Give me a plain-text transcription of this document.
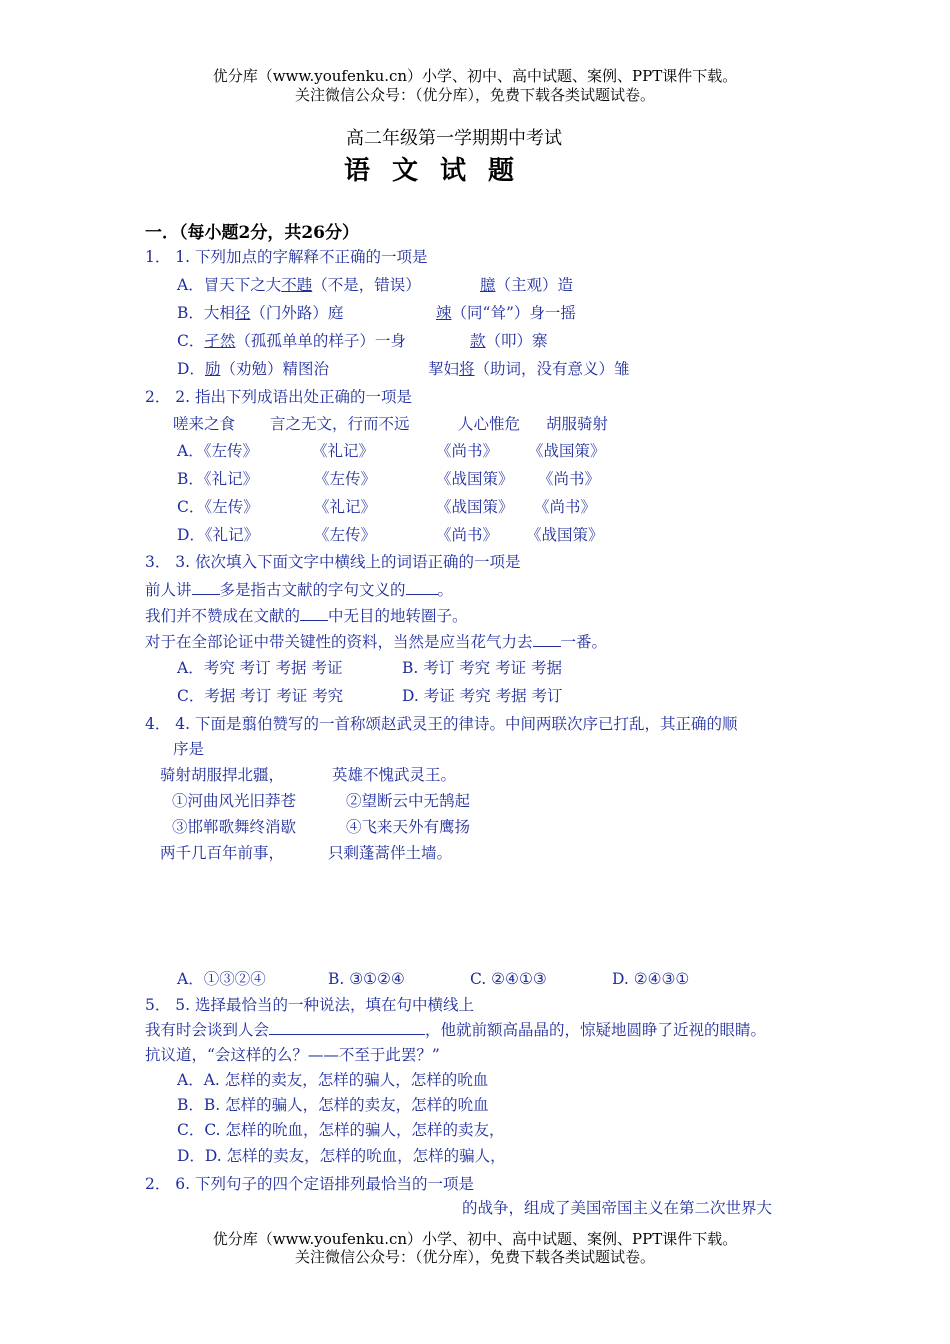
优分库（www.youfenku.cn）小学、初中、高中试题、案例、PPT课件下载。
关注微信公众号：（优分库），免费下载各类试题试卷。
高二年级第一学期期中考试
语文试题
一．（每小题2分，共26分）
1． 1. 下列加点的字解释不正确的一项是
A．冒天下之大不韪（不是，错误）	臆（主观）造
B．大相径（门外路）庭	竦（同“耸”）身一摇
C．孑然（孤孤单单的样子）一身	款（叩）寨
D．励（劝勉）精图治	挈妇将（助词，没有意义）雏
2． 2. 指出下列成语出处正确的一项是
嗟来之食 言之无文，行而不远	人心惟危 胡服骑射
A．《左传》	《礼记》	《尚书》 《战国策》
B．《礼记》	《左传》	《战国策》 《尚书》
C．《左传》	《礼记》	《战国策》 《尚书》
D．《礼记》	《左传》	《尚书》 《战国策》
3． 3. 依次填入下面文字中横线上的词语正确的一项是
前人讲 多是指古文献的字句文义的 。
我们并不赞成在文献的 中无目的地转圈子。
对于在全部论证中带关键性的资料，当然是应当花气力去 一番。
A．考究 考订 考据 考证	B. 考订 考究 考证 考据
C．考据 考订 考证 考究	D. 考证 考究 考据 考订
4． 4. 下面是翦伯赞写的一首称颂赵武灵王的律诗。中间两联次序已打乱，其正确的顺
序是
骑射胡服捍北疆，	英雄不愧武灵王。
①河曲风光旧莽苍	②望断云中无鹄起
③邯郸歌舞终消歇	④飞来天外有鹰扬
两千几百年前事，	只剩蓬蒿伴土墙。
A．①③②④	B. ③①②④	C. ②④①③	D. ②④③①
5． 5. 选择最恰当的一种说法，填在句中横线上
我有时会谈到人会	，他就前额高晶晶的，惊疑地圆睁了近视的眼睛。
抗议道，“会这样的么？——不至于此罢？”
A．A. 怎样的卖友，怎样的骗人，怎样的吮血
B．B. 怎样的骗人，怎样的卖友，怎样的吮血
C．C. 怎样的吮血，怎样的骗人，怎样的卖友，
D．D. 怎样的卖友，怎样的吮血，怎样的骗人，
2． 6. 下列句子的四个定语排列最恰当的一项是
的战争，组成了美国帝国主义在第二次世界大
优分库（www.youfenku.cn）小学、初中、高中试题、案例、PPT课件下载。
关注微信公众号：（优分库），免费下载各类试题试卷。
